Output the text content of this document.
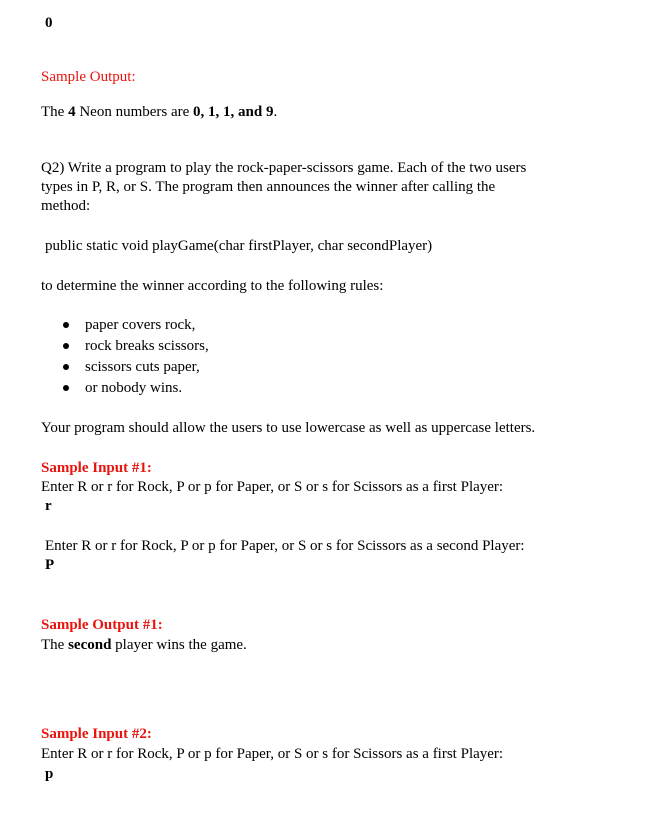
0
Sample Output:
The 4 Neon numbers are 0, 1, 1, and 9.
Q2) Write a program to play the rock-paper-scissors game. Each of the two users
types in P, R, or S. The program then announces the winner after calling the
method:
public static void playGame(char firstPlayer, char secondPlayer)
to determine the winner according to the following rules:
paper covers rock,
rock breaks scissors,
scissors cuts paper,
or nobody wins.
Your program should allow the users to use lowercase as well as uppercase letters.
Sample Input #1:
Enter R or r for Rock, P or p for Paper, or S or s for Scissors as a first Player:
r
Enter R or r for Rock, P or p for Paper, or S or s for Scissors as a second Player:
P
Sample Output #1:
The second player wins the game.
Sample Input #2:
Enter R or r for Rock, P or p for Paper, or S or s for Scissors as a first Player:
p
